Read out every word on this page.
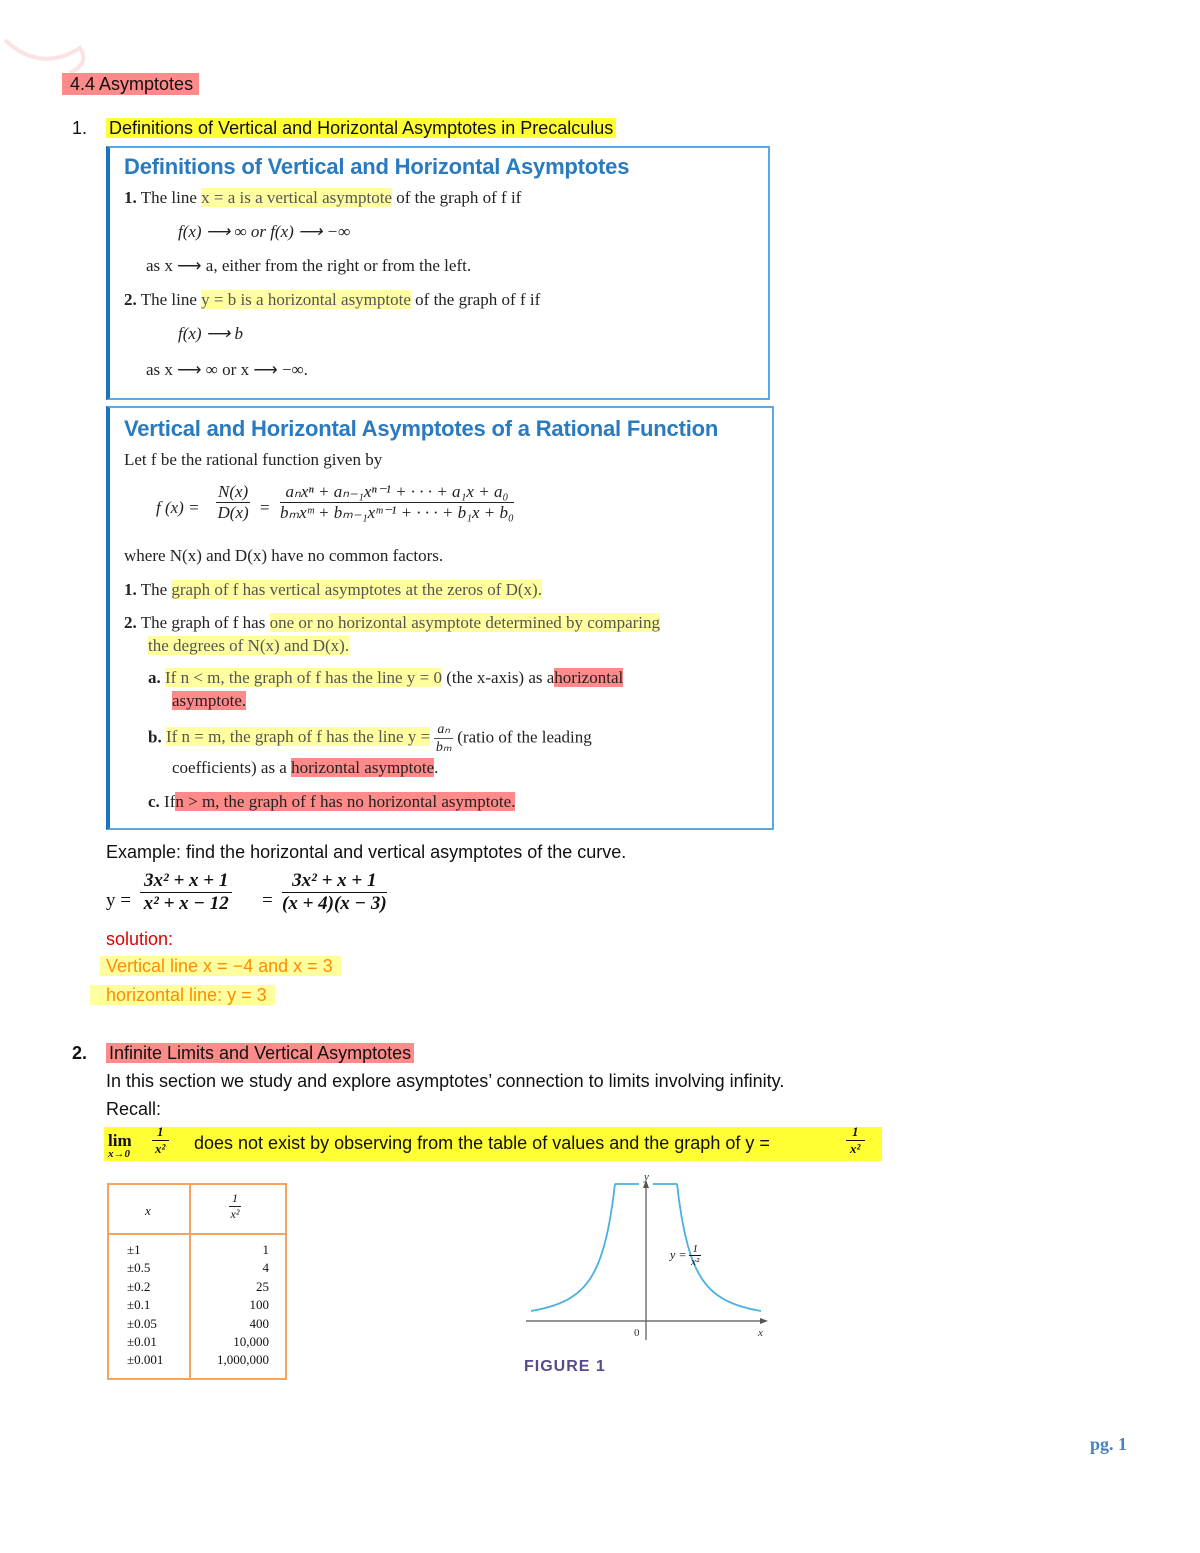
4.4 Asymptotes
1. Definitions of Vertical and Horizontal Asymptotes in Precalculus
Definitions of Vertical and Horizontal Asymptotes
1. The line x = a is a vertical asymptote of the graph of f if
f(x) ⟶ ∞ or f(x) ⟶ −∞
as x ⟶ a, either from the right or from the left.
2. The line y = b is a horizontal asymptote of the graph of f if
f(x) ⟶ b
as x ⟶ ∞ or x ⟶ −∞.
Vertical and Horizontal Asymptotes of a Rational Function
Let f be the rational function given by
f (x) =
N(x)
D(x) =
aₙxⁿ + aₙ₋₁xⁿ⁻¹ + · · · + a₁x + a₀
bₘxᵐ + bₘ₋₁xᵐ⁻¹ + · · · + b₁x + b₀
where N(x) and D(x) have no common factors.
1. The graph of f has vertical asymptotes at the zeros of D(x).
2. The graph of f has one or no horizontal asymptote determined by comparing
the degrees of N(x) and D(x).
a. If n < m, the graph of f has the line y = 0 (the x-axis) as ahorizontal
asymptote.
b. If n = m, the graph of f has the line $y = \frac{\text{aₙ}}{\text{bₘ}}$ (ratio of the leading
coefficients) as a horizontal asymptote.
c. Ifn > m, the graph of f has no horizontal asymptote.
Example: find the horizontal and vertical asymptotes of the curve.
y =
3x² + x + 1
x² + x − 12 =
3x² + x + 1
(x + 4)(x − 3)
solution:
Vertical line x = −4 and x = 3
horizontal line: y = 3
2. Infinite Limits and Vertical Asymptotes
In this section we study and explore asymptotes’ connection to limits involving infinity.
Recall:
lim
x→0
1
x² does not exist by observing from the table of values and the graph of y =
1
x²
x
1
x²
±1
±0.5
±0.2
±0.1
±0.05
±0.01
±0.001
1
4
25
100
400
10,000
1,000,000
y
x
0
$y = \frac{1}{\text{x²}}$
FIGURE 1
pg. 1
